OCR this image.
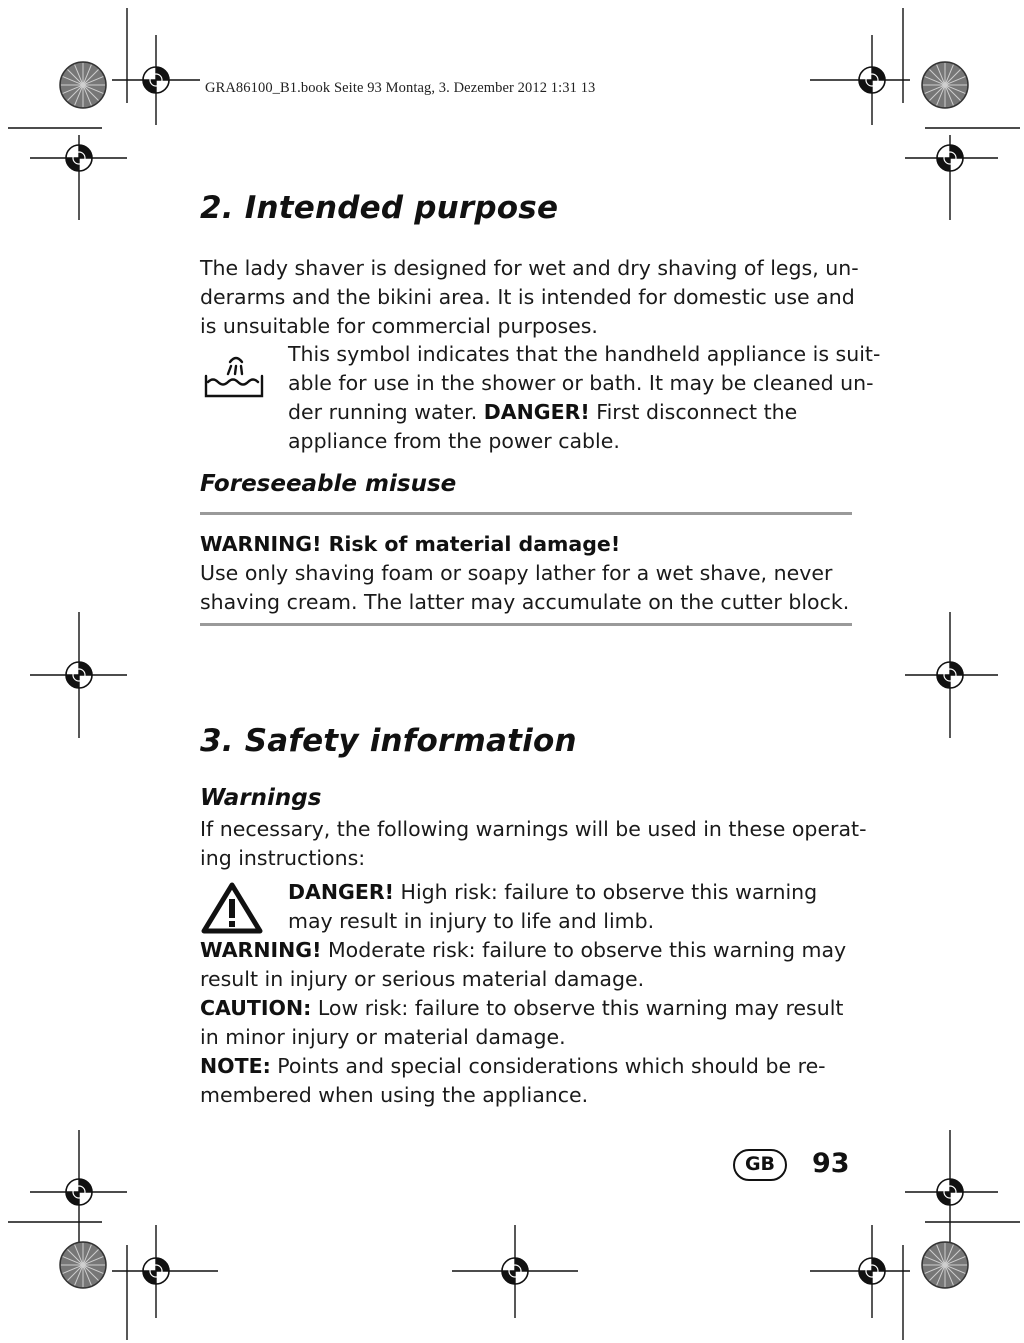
GRA86100_B1.book Seite 93 Montag, 3. Dezember 2012 1:31 13
2. Intended purpose
The lady shaver is designed for wet and dry shaving of legs, un-
derarms and the bikini area. It is intended for domestic use and
is unsuitable for commercial purposes.
This symbol indicates that the handheld appliance is suit-
able for use in the shower or bath. It may be cleaned un-
der running water. DANGER! First disconnect the
appliance from the power cable.
Foreseeable misuse
WARNING! Risk of material damage!
Use only shaving foam or soapy lather for a wet shave, never
shaving cream. The latter may accumulate on the cutter block.
3. Safety information
Warnings
If necessary, the following warnings will be used in these operat-
ing instructions:
DANGER! High risk: failure to observe this warning
may result in injury to life and limb.
WARNING! Moderate risk: failure to observe this warning may
result in injury or serious material damage.
CAUTION: Low risk: failure to observe this warning may result
in minor injury or material damage.
NOTE: Points and special considerations which should be re-
membered when using the appliance.
GB	93
